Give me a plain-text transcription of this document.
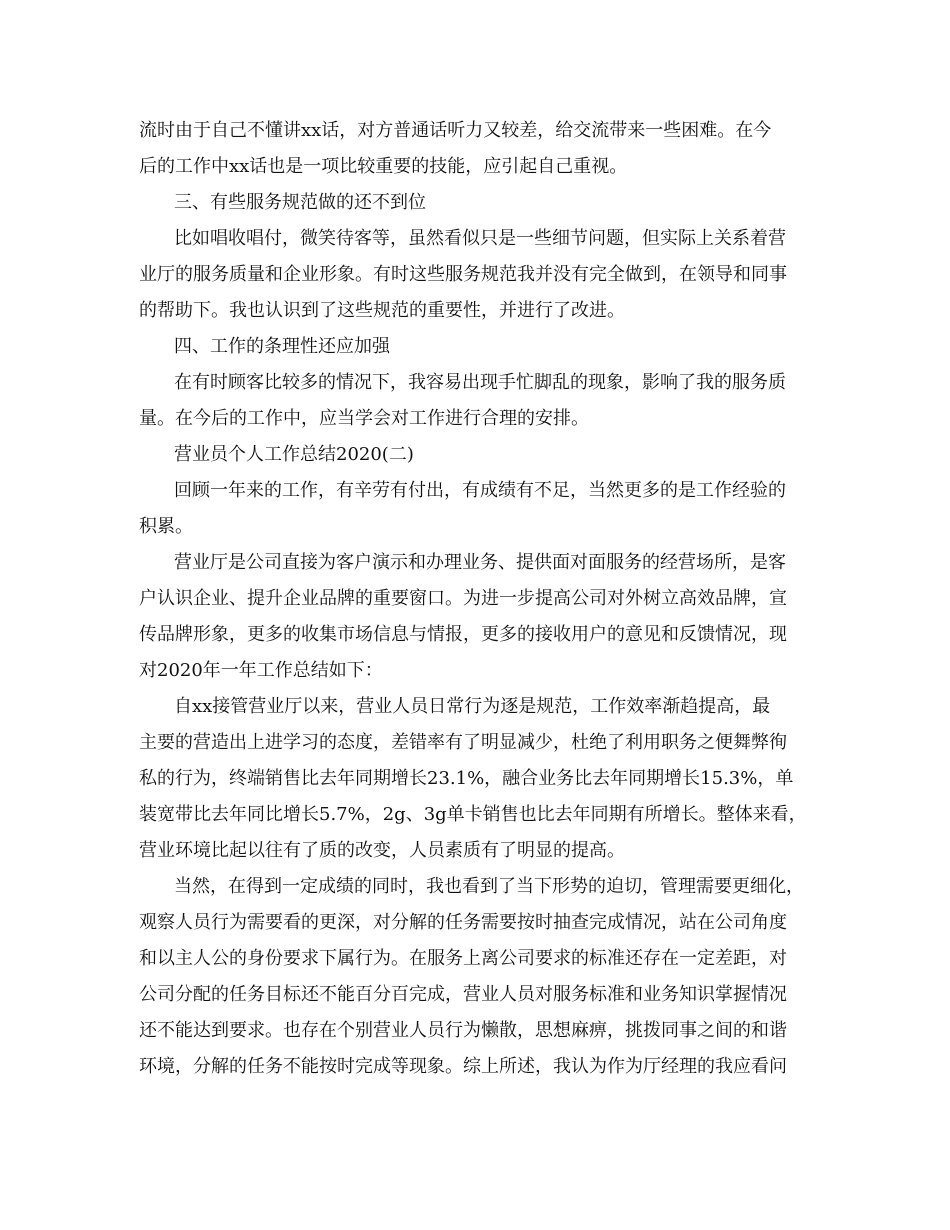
流时由于自己不懂讲xx话，对方普通话听力又较差，给交流带来一些困难。在今
后的工作中xx话也是一项比较重要的技能，应引起自己重视。
三、有些服务规范做的还不到位
比如唱收唱付，微笑待客等，虽然看似只是一些细节问题，但实际上关系着营
业厅的服务质量和企业形象。有时这些服务规范我并没有完全做到，在领导和同事
的帮助下。我也认识到了这些规范的重要性，并进行了改进。
四、工作的条理性还应加强
在有时顾客比较多的情况下，我容易出现手忙脚乱的现象，影响了我的服务质
量。在今后的工作中，应当学会对工作进行合理的安排。
营业员个人工作总结2020(二)
回顾一年来的工作，有辛劳有付出，有成绩有不足，当然更多的是工作经验的
积累。
营业厅是公司直接为客户演示和办理业务、提供面对面服务的经营场所，是客
户认识企业、提升企业品牌的重要窗口。为进一步提高公司对外树立高效品牌，宣
传品牌形象，更多的收集市场信息与情报，更多的接收用户的意见和反馈情况，现
对2020年一年工作总结如下：
自xx接管营业厅以来，营业人员日常行为逐是规范，工作效率渐趋提高，最
主要的营造出上进学习的态度，差错率有了明显减少，杜绝了利用职务之便舞弊徇
私的行为，终端销售比去年同期增长23.1%，融合业务比去年同期增长15.3%，单
装宽带比去年同比增长5.7%，2g、3g单卡销售也比去年同期有所增长。整体来看，
营业环境比起以往有了质的改变，人员素质有了明显的提高。
当然，在得到一定成绩的同时，我也看到了当下形势的迫切，管理需要更细化，
观察人员行为需要看的更深，对分解的任务需要按时抽查完成情况，站在公司角度
和以主人公的身份要求下属行为。在服务上离公司要求的标准还存在一定差距，对
公司分配的任务目标还不能百分百完成，营业人员对服务标准和业务知识掌握情况
还不能达到要求。也存在个别营业人员行为懒散，思想麻痹，挑拨同事之间的和谐
环境，分解的任务不能按时完成等现象。综上所述，我认为作为厅经理的我应看问
